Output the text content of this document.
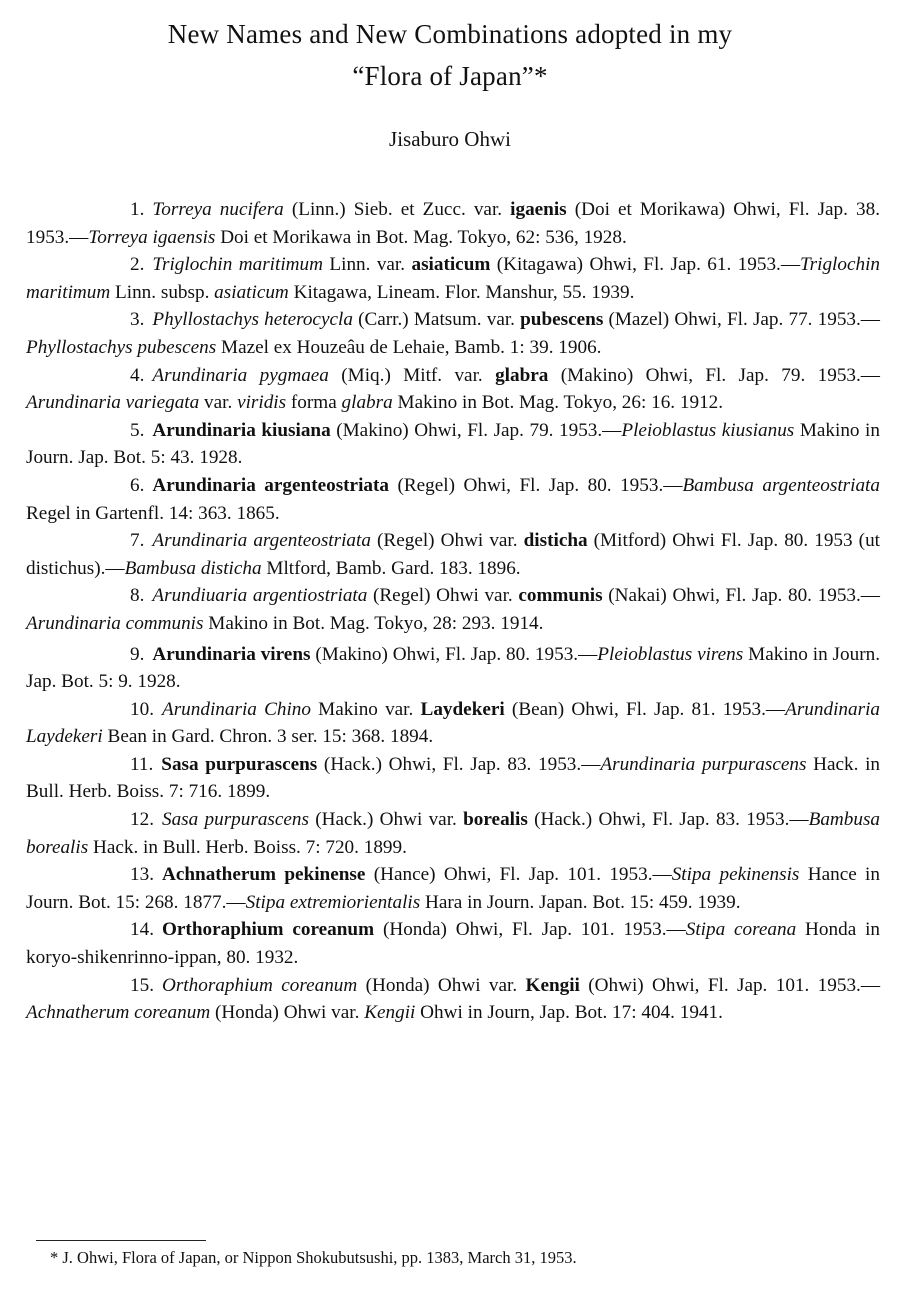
New Names and New Combinations adopted in my
“Flora of Japan”*
Jisaburo Ohwi

1. Torreya nucifera (Linn.) Sieb. et Zucc. var. igaenis (Doi et Morikawa) Ohwi, Fl. Jap. 38. 1953.—Torreya igaensis Doi et Morikawa in Bot. Mag. Tokyo, 62: 536, 1928.

2. Triglochin maritimum Linn. var. asiaticum (Kitagawa) Ohwi, Fl. Jap. 61. 1953.—Triglochin maritimum Linn. subsp. asiaticum Kitagawa, Lineam. Flor. Manshur, 55. 1939.

3. Phyllostachys heterocycla (Carr.) Matsum. var. pubescens (Mazel) Ohwi, Fl. Jap. 77. 1953.—Phyllostachys pubescens Mazel ex Houzeâu de Lehaie, Bamb. 1: 39. 1906.

4. Arundinaria pygmaea (Miq.) Mitf. var. glabra (Makino) Ohwi, Fl. Jap. 79. 1953.—Arundinaria variegata var. viridis forma glabra Makino in Bot. Mag. Tokyo, 26: 16. 1912.

5. Arundinaria kiusiana (Makino) Ohwi, Fl. Jap. 79. 1953.—Pleioblastus kiusianus Makino in Journ. Jap. Bot. 5: 43. 1928.

6. Arundinaria argenteostriata (Regel) Ohwi, Fl. Jap. 80. 1953.—Bambusa argenteostriata Regel in Gartenfl. 14: 363. 1865.

7. Arundinaria argenteostriata (Regel) Ohwi var. disticha (Mitford) Ohwi Fl. Jap. 80. 1953 (ut distichus).—Bambusa disticha Mltford, Bamb. Gard. 183. 1896.

8. Arundiuaria argentiostriata (Regel) Ohwi var. communis (Nakai) Ohwi, Fl. Jap. 80. 1953.—Arundinaria communis Makino in Bot. Mag. Tokyo, 28: 293. 1914.

9. Arundinaria virens (Makino) Ohwi, Fl. Jap. 80. 1953.—Pleioblastus virens Makino in Journ. Jap. Bot. 5: 9. 1928.

10. Arundinaria Chino Makino var. Laydekeri (Bean) Ohwi, Fl. Jap. 81. 1953.—Arundinaria Laydekeri Bean in Gard. Chron. 3 ser. 15: 368. 1894.

11. Sasa purpurascens (Hack.) Ohwi, Fl. Jap. 83. 1953.—Arundinaria purpurascens Hack. in Bull. Herb. Boiss. 7: 716. 1899.

12. Sasa purpurascens (Hack.) Ohwi var. borealis (Hack.) Ohwi, Fl. Jap. 83. 1953.—Bambusa borealis Hack. in Bull. Herb. Boiss. 7: 720. 1899.

13. Achnatherum pekinense (Hance) Ohwi, Fl. Jap. 101. 1953.—Stipa pekinensis Hance in Journ. Bot. 15: 268. 1877.—Stipa extremiorientalis Hara in Journ. Japan. Bot. 15: 459. 1939.

14. Orthoraphium coreanum (Honda) Ohwi, Fl. Jap. 101. 1953.—Stipa coreana Honda in koryo-shikenrinno-ippan, 80. 1932.

15. Orthoraphium coreanum (Honda) Ohwi var. Kengii (Ohwi) Ohwi, Fl. Jap. 101. 1953.—Achnatherum coreanum (Honda) Ohwi var. Kengii Ohwi in Journ, Jap. Bot. 17: 404. 1941.

* J. Ohwi, Flora of Japan, or Nippon Shokubutsushi, pp. 1383, March 31, 1953.
